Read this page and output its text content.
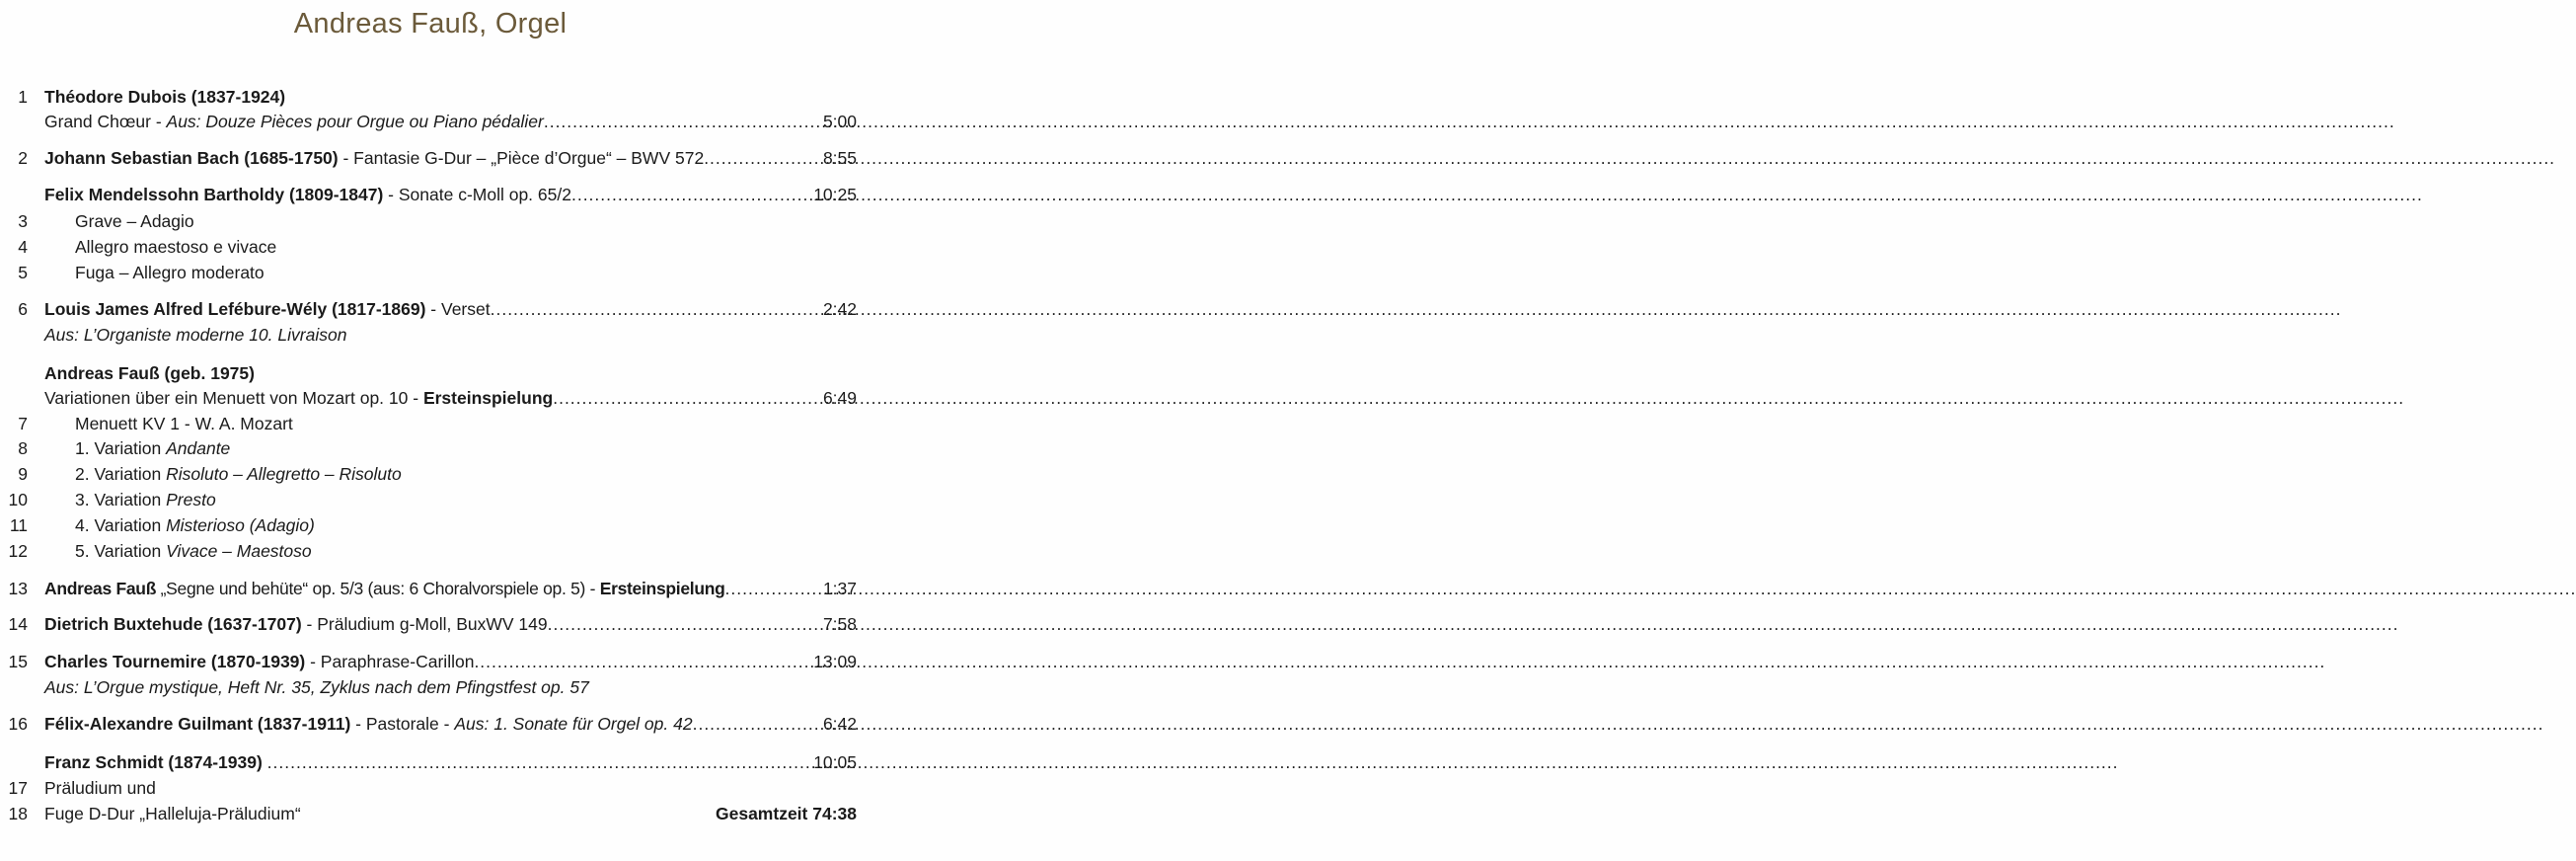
Andreas Fauß, Orgel
1 Théodore Dubois (1837-1924)
Grand Chœur - Aus: Douze Pièces pour Orgue ou Piano pédalier .....	5:00
2 Johann Sebastian Bach (1685-1750) - Fantasie G-Dur – „Pièce d’Orgue“ – BWV 572 .....	8:55
Felix Mendelssohn Bartholdy (1809-1847) - Sonate c-Moll op. 65/2 .....	10:25
3	Grave – Adagio
4	Allegro maestoso e vivace
5	Fuga – Allegro moderato
6 Louis James Alfred Lefébure-Wély (1817-1869) - Verset .....	2:42
Aus: L’Organiste moderne 10. Livraison
Andreas Fauß (geb. 1975)
Variationen über ein Menuett von Mozart op. 10 - Ersteinspielung .....	6:49
7	Menuett KV 1 - W. A. Mozart
8	1. Variation Andante
9	2. Variation Risoluto – Allegretto – Risoluto
10	3. Variation Presto
11	4. Variation Misterioso (Adagio)
12	5. Variation Vivace – Maestoso
13 Andreas Fauß „Segne und behüte“ op. 5/3 (aus: 6 Choralvorspiele op. 5) - Ersteinspielung .....	1:37
14 Dietrich Buxtehude (1637-1707) - Präludium g-Moll, BuxWV 149 .....	7:58
15 Charles Tournemire (1870-1939) - Paraphrase-Carillon .....	13:09
Aus: L’Orgue mystique, Heft Nr. 35, Zyklus nach dem Pfingstfest op. 57
16 Félix-Alexandre Guilmant (1837-1911) - Pastorale - Aus: 1. Sonate für Orgel op. 42 .....	6:42
Franz Schmidt (1874-1939) .....	10:05
17 Präludium und
18 Fuge D-Dur „Halleluja-Präludium“	Gesamtzeit 74:38
